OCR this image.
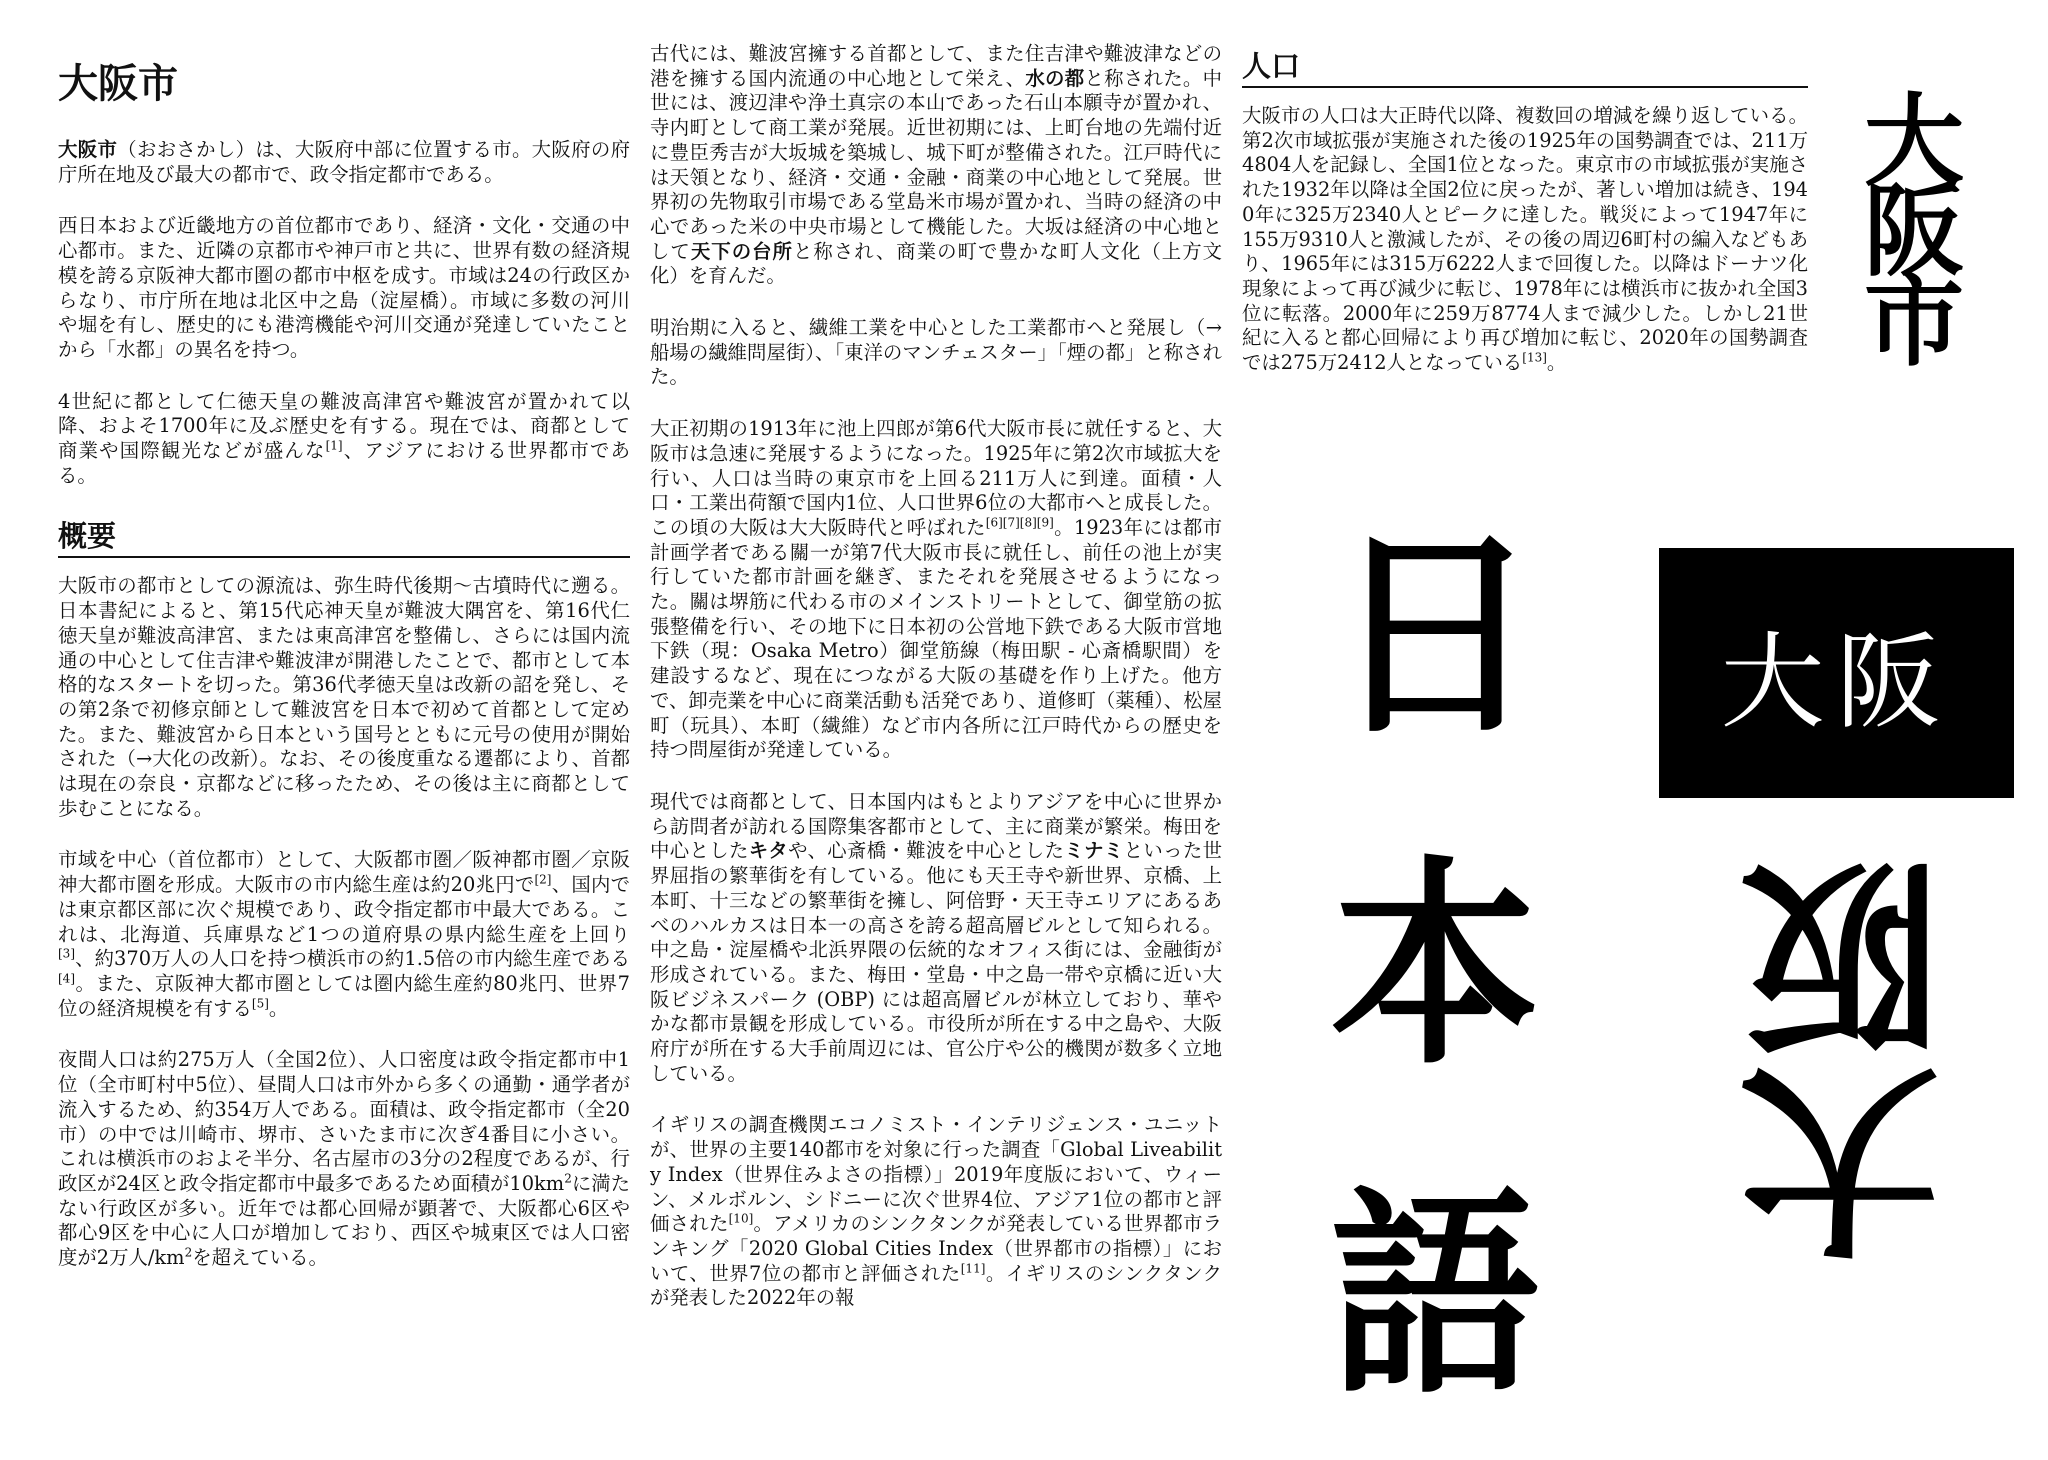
大阪市

大阪市（おおさかし）は、大阪府中部に位置する市。大阪府の府庁所在地及び最大の都市で、政令指定都市である。

西日本および近畿地方の首位都市であり、経済・文化・交通の中心都市。また、近隣の京都市や神戸市と共に、世界有数の経済規模を誇る京阪神大都市圏の都市中枢を成す。市域は24の行政区からなり、市庁所在地は北区中之島（淀屋橋）。市域に多数の河川や堀を有し、歴史的にも港湾機能や河川交通が発達していたことから「水都」の異名を持つ。

4世紀に都として仁徳天皇の難波高津宮や難波宮が置かれて以降、およそ1700年に及ぶ歴史を有する。現在では、商都として商業や国際観光などが盛んな[1]、アジアにおける世界都市である。

概要

大阪市の都市としての源流は、弥生時代後期〜古墳時代に遡る。日本書紀によると、第15代応神天皇が難波大隅宮を、第16代仁徳天皇が難波高津宮、または東高津宮を整備し、さらには国内流通の中心として住吉津や難波津が開港したことで、都市として本格的なスタートを切った。第36代孝徳天皇は改新の詔を発し、その第2条で初修京師として難波宮を日本で初めて首都として定めた。また、難波宮から日本という国号とともに元号の使用が開始された（→大化の改新）。なお、その後度重なる遷都により、首都は現在の奈良・京都などに移ったため、その後は主に商都として歩むことになる。

市域を中心（首位都市）として、大阪都市圏／阪神都市圏／京阪神大都市圏を形成。大阪市の市内総生産は約20兆円で[2]、国内では東京都区部に次ぐ規模であり、政令指定都市中最大である。これは、北海道、兵庫県など1つの道府県の県内総生産を上回り[3]、約370万人の人口を持つ横浜市の約1.5倍の市内総生産である[4]。また、京阪神大都市圏としては圏内総生産約80兆円、世界7位の経済規模を有する[5]。

夜間人口は約275万人（全国2位）、人口密度は政令指定都市中1位（全市町村中5位）、昼間人口は市外から多くの通勤・通学者が流入するため、約354万人である。面積は、政令指定都市（全20市）の中では川崎市、堺市、さいたま市に次ぎ4番目に小さい。これは横浜市のおよそ半分、名古屋市の3分の2程度であるが、行政区が24区と政令指定都市中最多であるため面積が$10km^2$に満たない行政区が多い。近年では都心回帰が顕著で、大阪都心6区や都心9区を中心に人口が増加しており、西区や城東区では人口密度が2万人$/km^2$を超えている。

古代には、難波宮擁する首都として、また住吉津や難波津などの港を擁する国内流通の中心地として栄え、水の都と称された。中世には、渡辺津や浄土真宗の本山であった石山本願寺が置かれ、寺内町として商工業が発展。近世初期には、上町台地の先端付近に豊臣秀吉が大坂城を築城し、城下町が整備された。江戸時代には天領となり、経済・交通・金融・商業の中心地として発展。世界初の先物取引市場である堂島米市場が置かれ、当時の経済の中心であった米の中央市場として機能した。大坂は経済の中心地として天下の台所と称され、商業の町で豊かな町人文化（上方文化）を育んだ。

明治期に入ると、繊維工業を中心とした工業都市へと発展し（→船場の繊維問屋街）、「東洋のマンチェスター」「煙の都」と称された。

大正初期の1913年に池上四郎が第6代大阪市長に就任すると、大阪市は急速に発展するようになった。1925年に第2次市域拡大を行い、人口は当時の東京市を上回る211万人に到達。面積・人口・工業出荷額で国内1位、人口世界6位の大都市へと成長した。この頃の大阪は大大阪時代と呼ばれた[6][7][8][9]。1923年には都市計画学者である關一が第7代大阪市長に就任し、前任の池上が実行していた都市計画を継ぎ、またそれを発展させるようになった。關は堺筋に代わる市のメインストリートとして、御堂筋の拡張整備を行い、その地下に日本初の公営地下鉄である大阪市営地下鉄（現：Osaka Metro）御堂筋線（梅田駅 - 心斎橋駅間）を建設するなど、現在につながる大阪の基礎を作り上げた。他方で、卸売業を中心に商業活動も活発であり、道修町（薬種）、松屋町（玩具）、本町（繊維）など市内各所に江戸時代からの歴史を持つ問屋街が発達している。

現代では商都として、日本国内はもとよりアジアを中心に世界から訪問者が訪れる国際集客都市として、主に商業が繁栄。梅田を中心としたキタや、心斎橋・難波を中心としたミナミといった世界屈指の繁華街を有している。他にも天王寺や新世界、京橋、上本町、十三などの繁華街を擁し、阿倍野・天王寺エリアにあるあべのハルカスは日本一の高さを誇る超高層ビルとして知られる。中之島・淀屋橋や北浜界隈の伝統的なオフィス街には、金融街が形成されている。また、梅田・堂島・中之島一帯や京橋に近い大阪ビジネスパーク (OBP) には超高層ビルが林立しており、華やかな都市景観を形成している。市役所が所在する中之島や、大阪府庁が所在する大手前周辺には、官公庁や公的機関が数多く立地している。

イギリスの調査機関エコノミスト・インテリジェンス・ユニットが、世界の主要140都市を対象に行った調査「Global Liveability Index（世界住みよさの指標）」2019年度版において、ウィーン、メルボルン、シドニーに次ぐ世界4位、アジア1位の都市と評価された[10]。アメリカのシンクタンクが発表している世界都市ランキング「2020 Global Cities Index（世界都市の指標）」において、世界7位の都市と評価された[11]。イギリスのシンクタンクが発表した2022年の報

人口

大阪市の人口は大正時代以降、複数回の増減を繰り返している。第2次市域拡張が実施された後の1925年の国勢調査では、211万4804人を記録し、全国1位となった。東京市の市域拡張が実施された1932年以降は全国2位に戻ったが、著しい増加は続き、1940年に325万2340人とピークに達した。戦災によって1947年に155万9310人と激減したが、その後の周辺6町村の編入などもあり、1965年には315万6222人まで回復した。以降はドーナツ化現象によって再び減少に転じ、1978年には横浜市に抜かれ全国3位に転落。2000年に259万8774人まで減少した。しかし21世紀に入ると都心回帰により再び増加に転じ、2020年の国勢調査では275万2412人となっている[13]。

大阪市
日
本
語
大阪
大
阪
